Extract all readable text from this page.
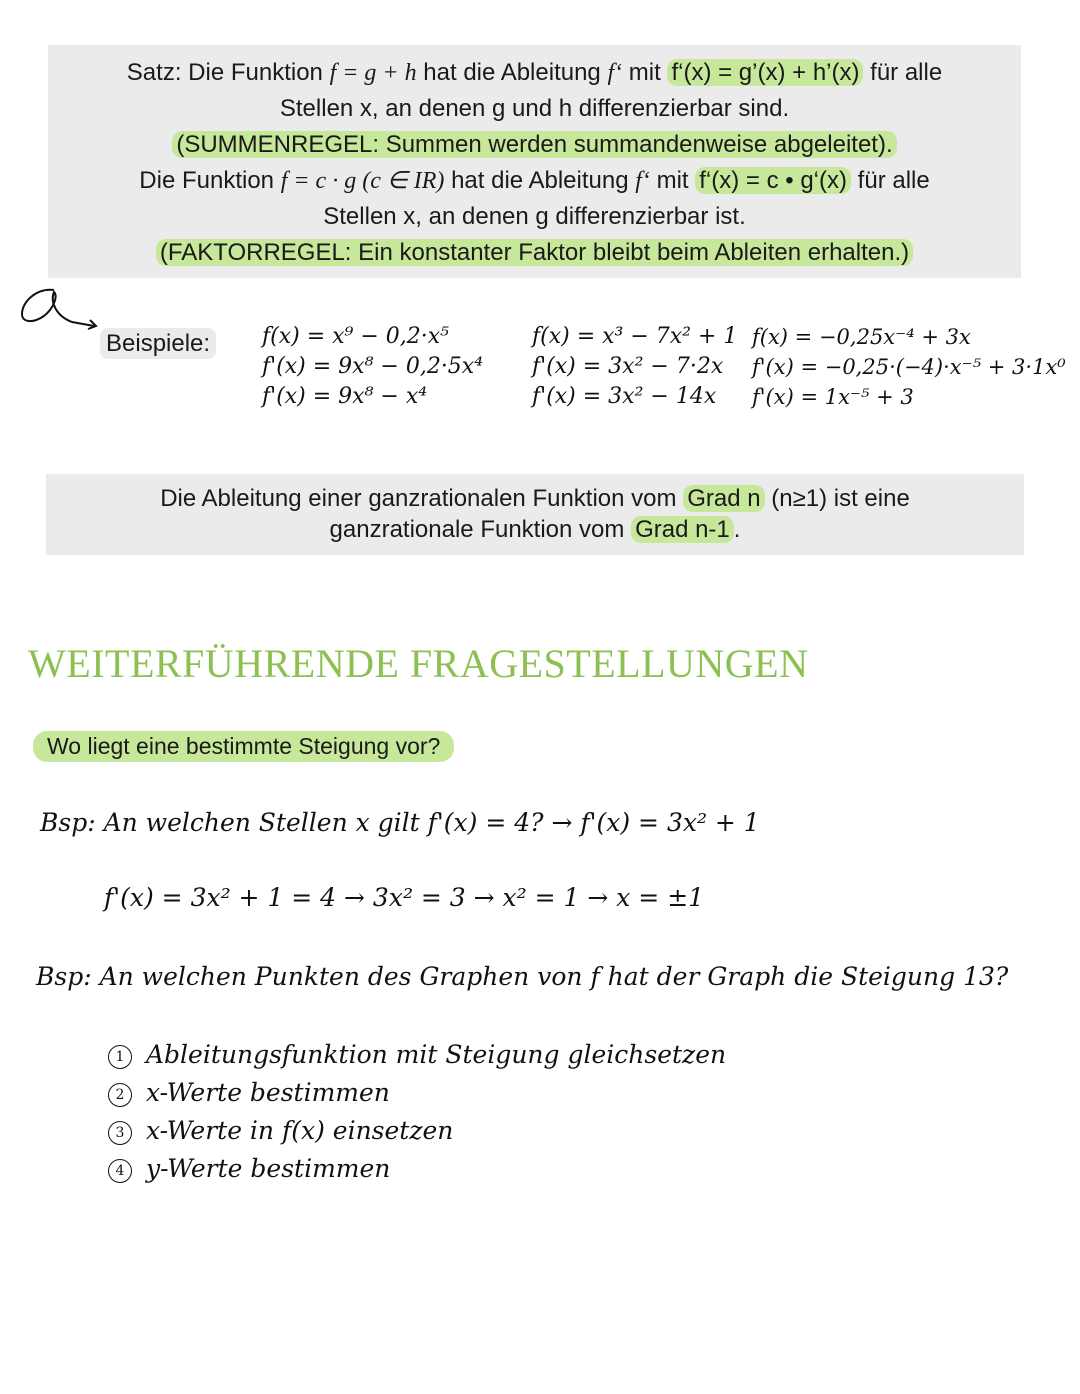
Satz: Die Funktion f = g + h hat die Ableitung f‘ mit f‘(x) = g’(x) + h’(x) für alle
Stellen x, an denen g und h differenzierbar sind.
(SUMMENREGEL: Summen werden summandenweise abgeleitet).
Die Funktion f = c · g (c ∈ IR) hat die Ableitung f‘ mit f‘(x) = c • g‘(x) für alle
Stellen x, an denen g differenzierbar ist.
(FAKTORREGEL: Ein konstanter Faktor bleibt beim Ableiten erhalten.)
Beispiele: f(x) = x⁹ − 0,2·x⁵
f'(x) = 9x⁸ − 0,2·5x⁴
f'(x) = 9x⁸ − x⁴
f(x) = x³ − 7x² + 1
f'(x) = 3x² − 7·2x
f'(x) = 3x² − 14x
f(x) = −0,25x⁻⁴ + 3x
f'(x) = −0,25·(−4)·x⁻⁵ + 3·1x⁰
f'(x) = 1x⁻⁵ + 3
Die Ableitung einer ganzrationalen Funktion vom Grad n (n≥1) ist eine
ganzrationale Funktion vom Grad n-1 .
WEITERFÜHRENDE FRAGESTELLUNGEN
Wo liegt eine bestimmte Steigung vor?
Bsp: An welchen Stellen x gilt f'(x) = 4? → f'(x) = 3x² + 1
f'(x) = 3x² + 1 = 4 → 3x² = 3 → x² = 1 → x = ±1
Bsp: An welchen Punkten des Graphen von f hat der Graph die Steigung 13?
1 Ableitungsfunktion mit Steigung gleichsetzen
2 x-Werte bestimmen
3 x-Werte in f(x) einsetzen
4 y-Werte bestimmen
